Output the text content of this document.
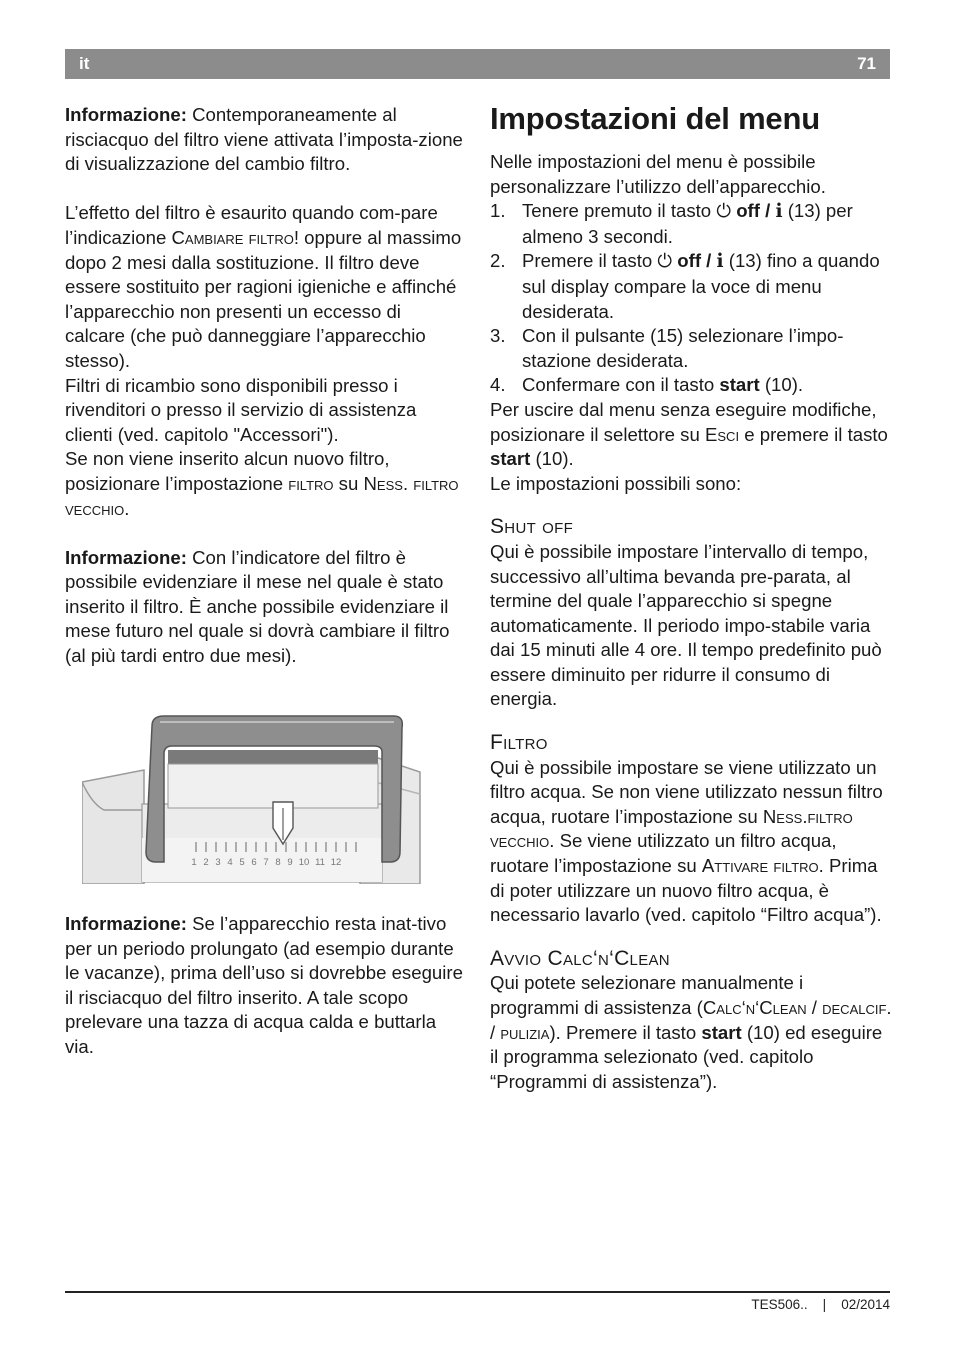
it	71

Informazione: Contemporaneamente al risciacquo del filtro viene attivata l’imposta-zione di visualizzazione del cambio filtro.

L’effetto del filtro è esaurito quando com-pare l’indicazione Cambiare filtro! oppure al massimo dopo 2 mesi dalla sostituzione. Il filtro deve essere sostituito per ragioni igieniche e affinché l’apparecchio non presenti un eccesso di calcare (che può danneggiare l’apparecchio stesso).

Filtri di ricambio sono disponibili presso i rivenditori o presso il servizio di assistenza clienti (ved. capitolo "Accessori").

Se non viene inserito alcun nuovo filtro, posizionare l’impostazione filtro su Ness. filtro vecchio.

Informazione: Con l’indicatore del filtro è possibile evidenziare il mese nel quale è stato inserito il filtro. È anche possibile evidenziare il mese futuro nel quale si dovrà cambiare il filtro (al più tardi entro due mesi).

1 2 3 4 5 6 7 8 9 10 11 12

Informazione: Se l’apparecchio resta inat-tivo per un periodo prolungato (ad esempio durante le vacanze), prima dell’uso si dovrebbe eseguire il risciacquo del filtro inserito. A tale scopo prelevare una tazza di acqua calda e buttarla via.

Impostazioni del menu

Nelle impostazioni del menu è possibile personalizzare l’utilizzo dell’apparecchio.

1. Tenere premuto il tasto ⏻ off / i (13) per almeno 3 secondi.
2. Premere il tasto ⏻ off / i (13) fino a quando sul display compare la voce di menu desiderata.
3. Con il pulsante (15) selezionare l’impo-stazione desiderata.
4. Confermare con il tasto start (10).

Per uscire dal menu senza eseguire modifiche, posizionare il selettore su Esci e premere il tasto start (10).

Le impostazioni possibili sono:

Shut off

Qui è possibile impostare l’intervallo di tempo, successivo all’ultima bevanda pre-parata, al termine del quale l’apparecchio si spegne automaticamente. Il periodo impo-stabile varia dai 15 minuti alle 4 ore. Il tempo predefinito può essere diminuito per ridurre il consumo di energia.

Filtro

Qui è possibile impostare se viene utilizzato un filtro acqua. Se non viene utilizzato nessun filtro acqua, ruotare l’impostazione su Ness.filtro vecchio. Se viene utilizzato un filtro acqua, ruotare l’impostazione su Attivare filtro. Prima di poter utilizzare un nuovo filtro acqua, è necessario lavarlo (ved. capitolo “Filtro acqua”).

Avvio Calc‘n‘Clean

Qui potete selezionare manualmente i programmi di assistenza (Calc‘n‘Clean / decalcif. / pulizia). Premere il tasto start (10) ed eseguire il programma selezionato (ved. capitolo “Programmi di assistenza”).

TES506.. | 02/2014
